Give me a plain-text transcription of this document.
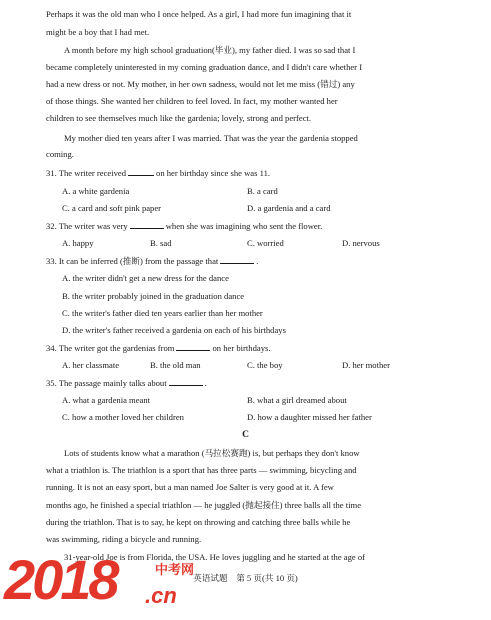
Perhaps it was the old man who I once helped. As a girl, I had more fun imagining that it
might be a boy that I had met.
A month before my high school graduation(毕业), my father died. I was so sad that I
became completely uninterested in my coming graduation dance, and I didn't care whether I
had a new dress or not. My mother, in her own sadness, would not let me miss (错过) any
of those things. She wanted her children to feel loved. In fact, my mother wanted her
children to see themselves much like the gardenia; lovely, strong and perfect.
My mother died ten years after I was married. That was the year the gardenia stopped
coming.
31. The writer received	on her birthday since she was 11.
A. a white gardenia	B. a card
C. a card and soft pink paper	D. a gardenia and a card
32. The writer was very	when she was imagining who sent the flower.
A. happy	B. sad	C. worried	D. nervous
33. It can be inferred (推断) from the passage that	.
A. the writer didn't get a new dress for the dance
B. the writer probably joined in the graduation dance
C. the writer's father died ten years earlier than her mother
D. the writer's father received a gardenia on each of his birthdays
34. The writer got the gardenias from	on her birthdays.
A. her classmate	B. the old man	C. the boy	D. her mother
35. The passage mainly talks about	.
A. what a gardenia meant	B. what a girl dreamed about
C. how a mother loved her children	D. how a daughter missed her father
C
Lots of students know what a marathon (马拉松赛跑) is, but perhaps they don't know
what a triathlon is. The triathlon is a sport that has three parts — swimming, bicycling and
running. It is not an easy sport, but a man named Joe Salter is very good at it. A few
months ago, he finished a special triathlon — he juggled (抛起接住) three balls all the time
during the triathlon. That is to say, he kept on throwing and catching three balls while he
was swimming, riding a bicycle and running.
31-year-old Joe is from Florida, the USA. He loves juggling and he started at the age of
英语试题　第 5 页(共 10 页)
2018	中考网
.cn
